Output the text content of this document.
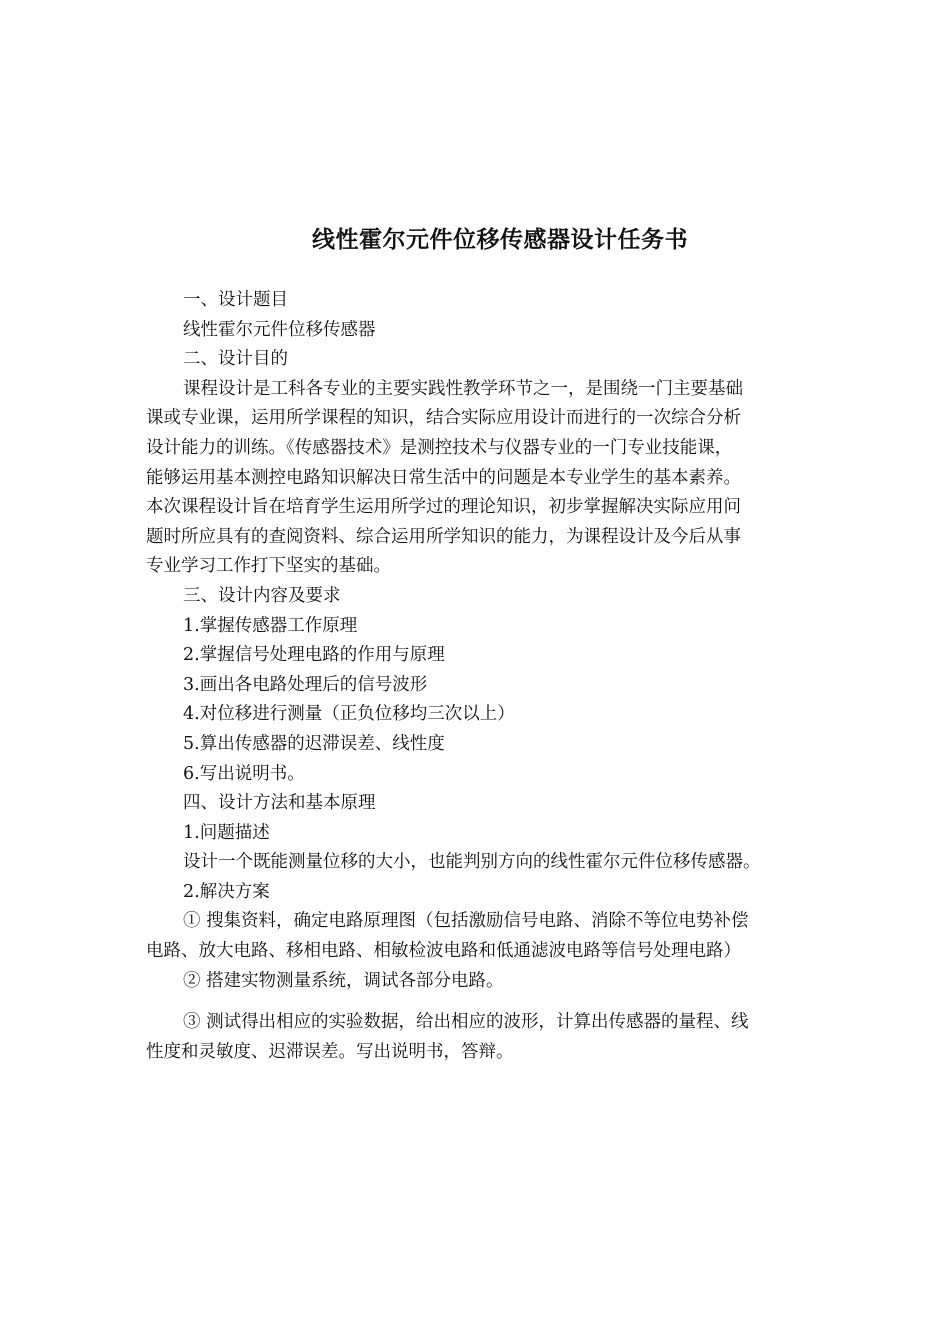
线性霍尔元件位移传感器设计任务书
一、设计题目
线性霍尔元件位移传感器
二、设计目的
课程设计是工科各专业的主要实践性教学环节之一，是围绕一门主要基础
课或专业课，运用所学课程的知识，结合实际应用设计而进行的一次综合分析
设计能力的训练。《传感器技术》是测控技术与仪器专业的一门专业技能课，
能够运用基本测控电路知识解决日常生活中的问题是本专业学生的基本素养。
本次课程设计旨在培育学生运用所学过的理论知识，初步掌握解决实际应用问
题时所应具有的查阅资料、综合运用所学知识的能力，为课程设计及今后从事
专业学习工作打下坚实的基础。
三、设计内容及要求
1.掌握传感器工作原理
2.掌握信号处理电路的作用与原理
3.画出各电路处理后的信号波形
4.对位移进行测量（正负位移均三次以上）
5.算出传感器的迟滞误差、线性度
6.写出说明书。
四、设计方法和基本原理
1.问题描述
设计一个既能测量位移的大小，也能判别方向的线性霍尔元件位移传感器。
2.解决方案
① 搜集资料，确定电路原理图（包括激励信号电路、消除不等位电势补偿
电路、放大电路、移相电路、相敏检波电路和低通滤波电路等信号处理电路）
② 搭建实物测量系统，调试各部分电路。
③ 测试得出相应的实验数据，给出相应的波形，计算出传感器的量程、线
性度和灵敏度、迟滞误差。写出说明书，答辩。
